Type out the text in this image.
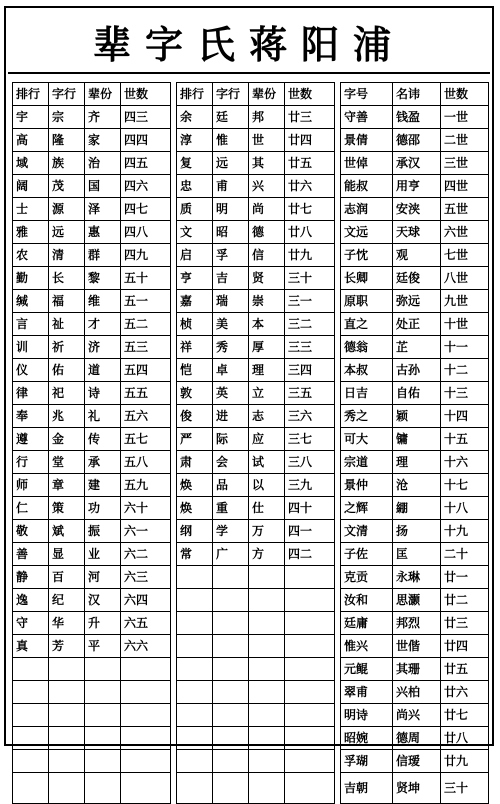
辈字氏蒋阳浦
排行	字行	辈份	世数		排行	字行	辈份	世数		字号	名讳	世数
宇	宗	齐	四三		余	廷	邦	廿三		守善	钱盈	一世
高	隆	家	四四		淳	惟	世	廿四		景倩	德邵	二世
域	族	治	四五		复	远	其	廿五		世倬	承汉	三世
阔	茂	国	四六		忠	甫	兴	廿六		能叔	用亨	四世
士	源	泽	四七		质	明	尚	廿七		志润	安浃	五世
雅	远	惠	四八		文	昭	德	廿八		文远	天球	六世
农	清	群	四九		启	孚	信	廿九		子忱	观	七世
勤	长	黎	五十		亨	吉	贤	三十		长卿	廷俊	八世
缄	福	维	五一		嘉	瑞	崇	三一		原职	弥远	九世
言	祉	才	五二		桢	美	本	三二		直之	处正	十世
训	祈	济	五三		祥	秀	厚	三三		德翁	芷	十一
仪	佑	道	五四		恺	卓	理	三四		本叔	古孙	十二
律	祀	诗	五五		敦	英	立	三五		日吉	自佑	十三
奉	兆	礼	五六		俊	进	志	三六		秀之	颖	十四
遵	金	传	五七		严	际	应	三七		可大	镛	十五
行	堂	承	五八		肃	会	试	三八		宗道	理	十六
师	章	建	五九		焕	品	以	三九		景仲	沧	十七
仁	策	功	六十		焕	重	仕	四十		之辉	綳	十八
敬	斌	振	六一		纲	学	万	四一		文清	扬	十九
善	显	业	六二		常	广	方	四二		子佐	匡	二十
静	百	河	六三							克贡	永琳	廿一
逸	纪	汉	六四							汝和	思灏	廿二
守	华	升	六五							廷庸	邦烈	廿三
真	芳	平	六六							惟兴	世偕	廿四
										元鲲	其珊	廿五
										翠甫	兴柏	廿六
										明诗	尚兴	廿七
										昭婉	德周	廿八
										孚瑚	信瑷	廿九
										吉朝	贤坤	三十
